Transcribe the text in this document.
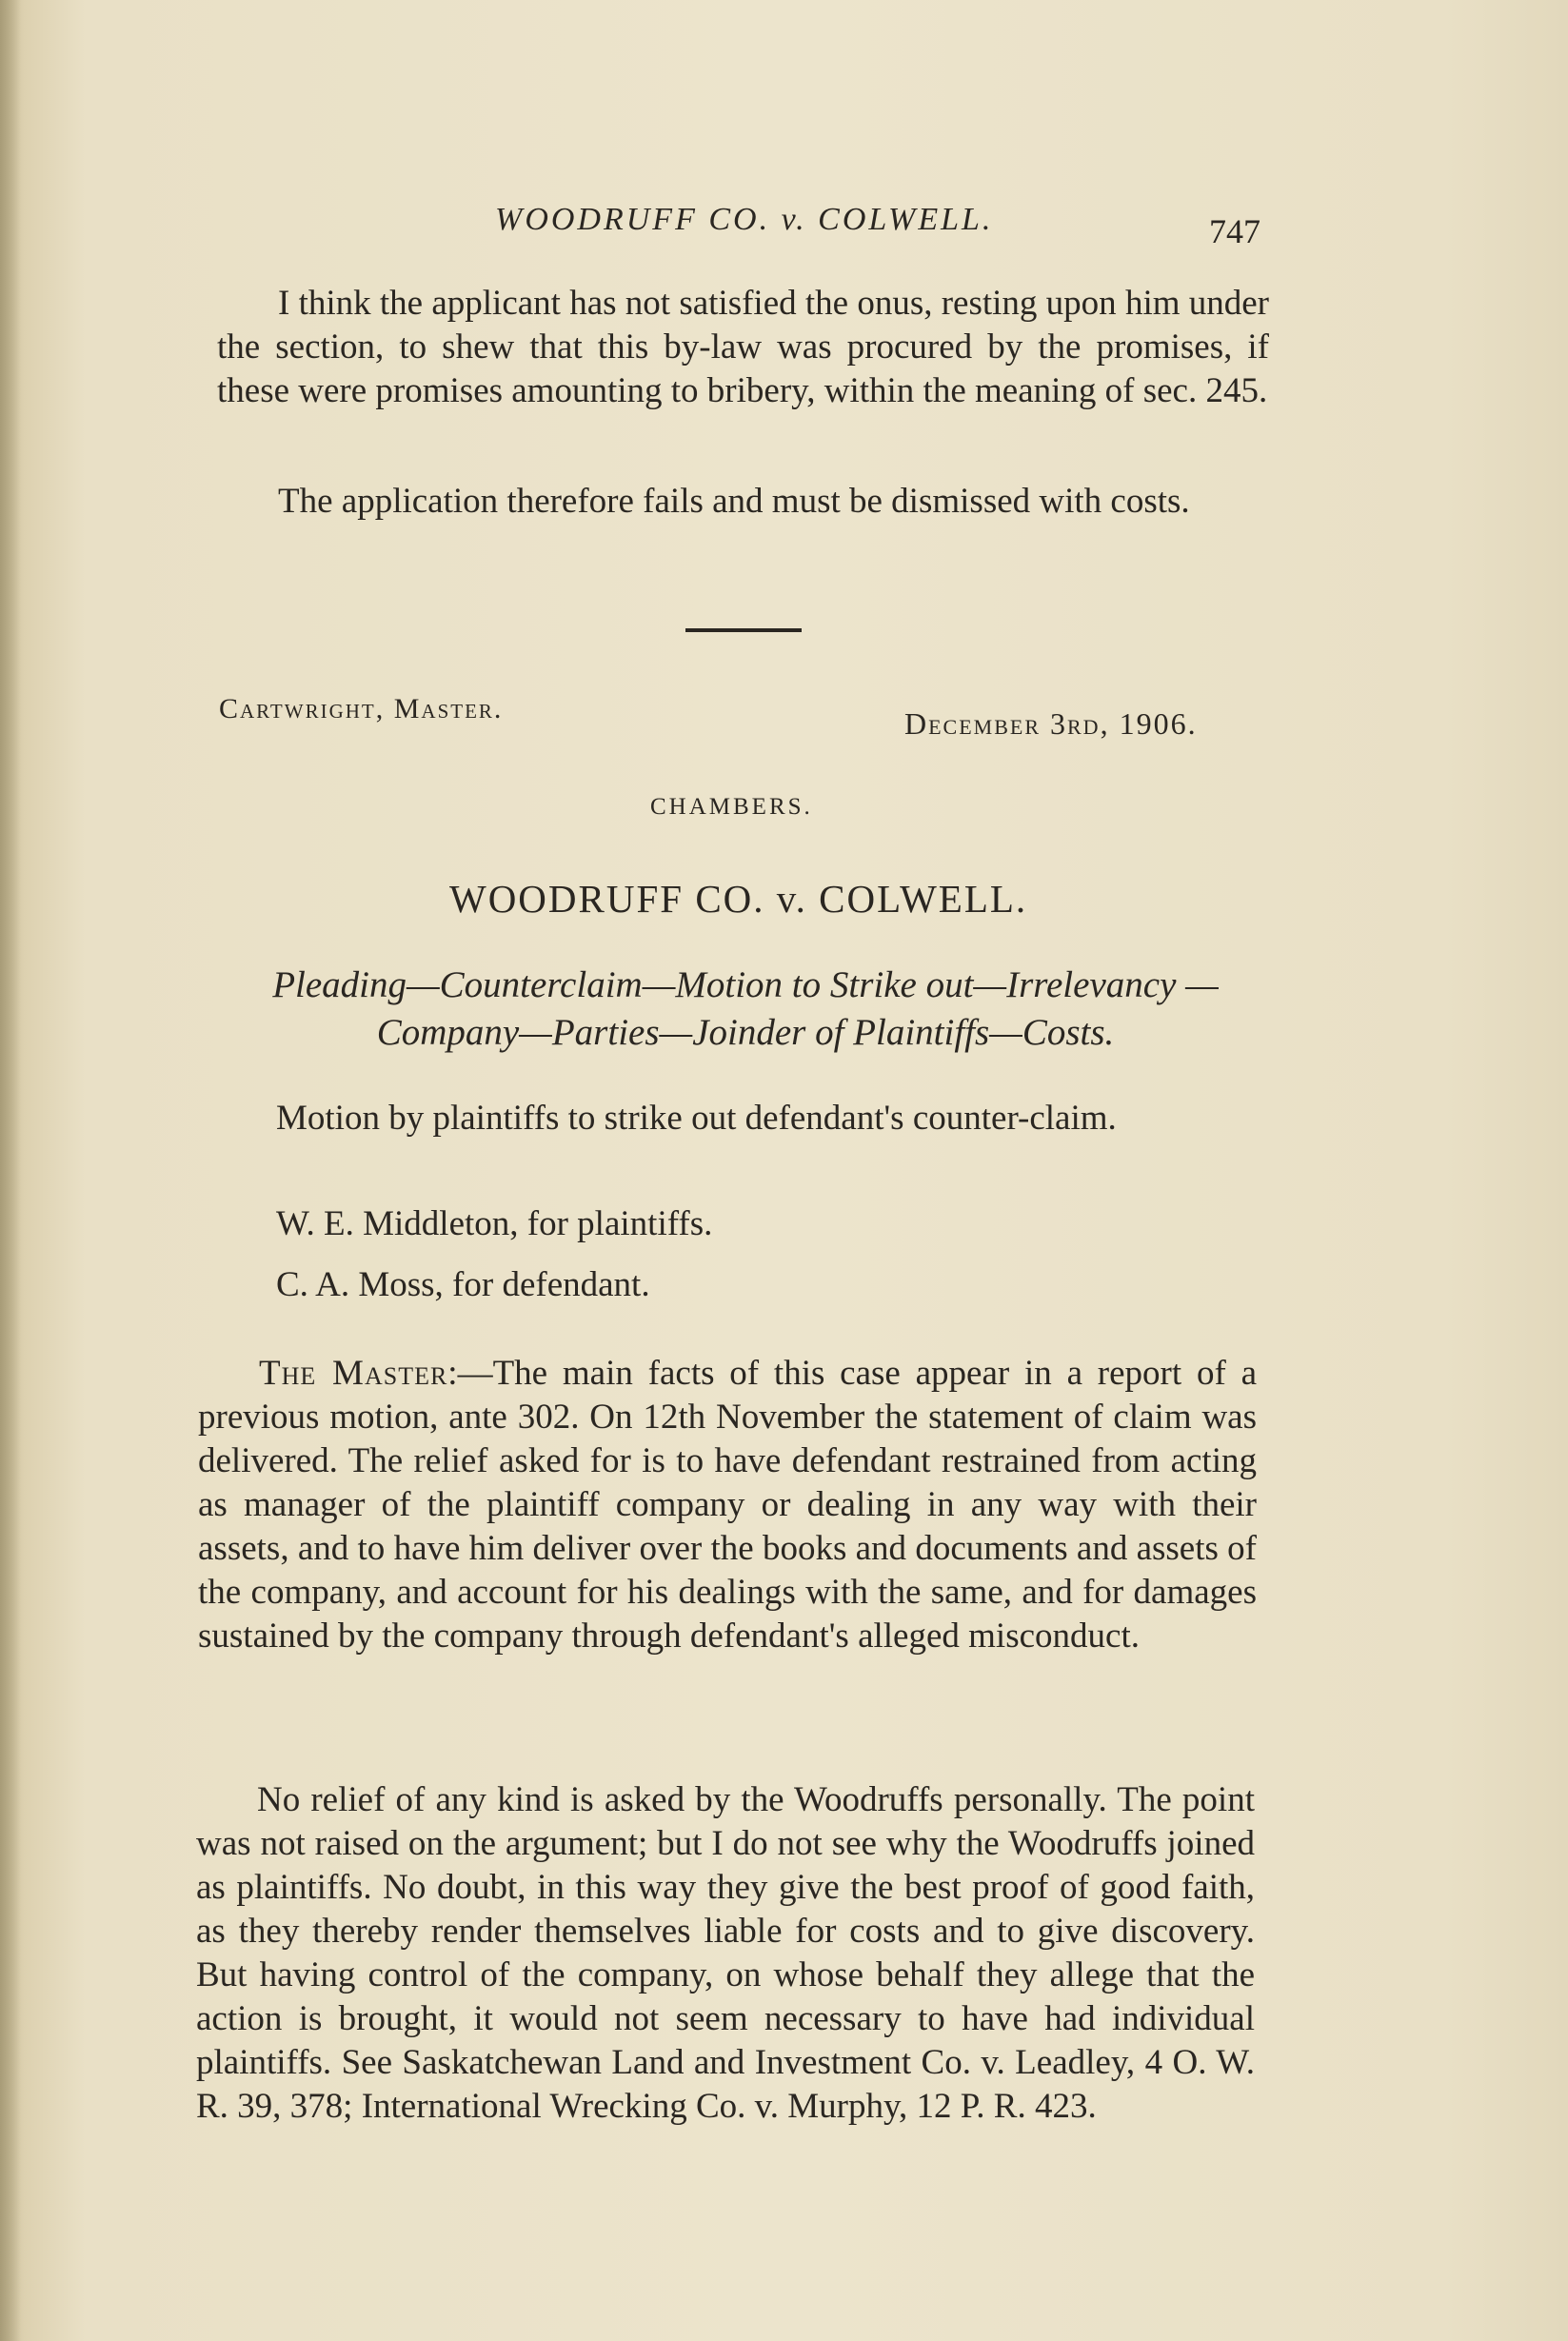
WOODRUFF CO. v. COLWELL.	747

I think the applicant has not satisfied the onus, resting upon him under the section, to shew that this by-law was procured by the promises, if these were promises amounting to bribery, within the meaning of sec. 245.

The application therefore fails and must be dismissed with costs.

Cartwright, Master.	December 3rd, 1906.
CHAMBERS.
WOODRUFF CO. v. COLWELL.

Pleading—Counterclaim—Motion to Strike out—Irrelevancy —Company—Parties—Joinder of Plaintiffs—Costs.

Motion by plaintiffs to strike out defendant's counter-claim.

W. E. Middleton, for plaintiffs.
C. A. Moss, for defendant.

The Master:—The main facts of this case appear in a report of a previous motion, ante 302. On 12th November the statement of claim was delivered. The relief asked for is to have defendant restrained from acting as manager of the plaintiff company or dealing in any way with their assets, and to have him deliver over the books and documents and assets of the company, and account for his dealings with the same, and for damages sustained by the company through defendant's alleged misconduct.

No relief of any kind is asked by the Woodruffs personally. The point was not raised on the argument; but I do not see why the Woodruffs joined as plaintiffs. No doubt, in this way they give the best proof of good faith, as they thereby render themselves liable for costs and to give discovery. But having control of the company, on whose behalf they allege that the action is brought, it would not seem necessary to have had individual plaintiffs. See Saskatchewan Land and Investment Co. v. Leadley, 4 O. W. R. 39, 378; International Wrecking Co. v. Murphy, 12 P. R. 423.
